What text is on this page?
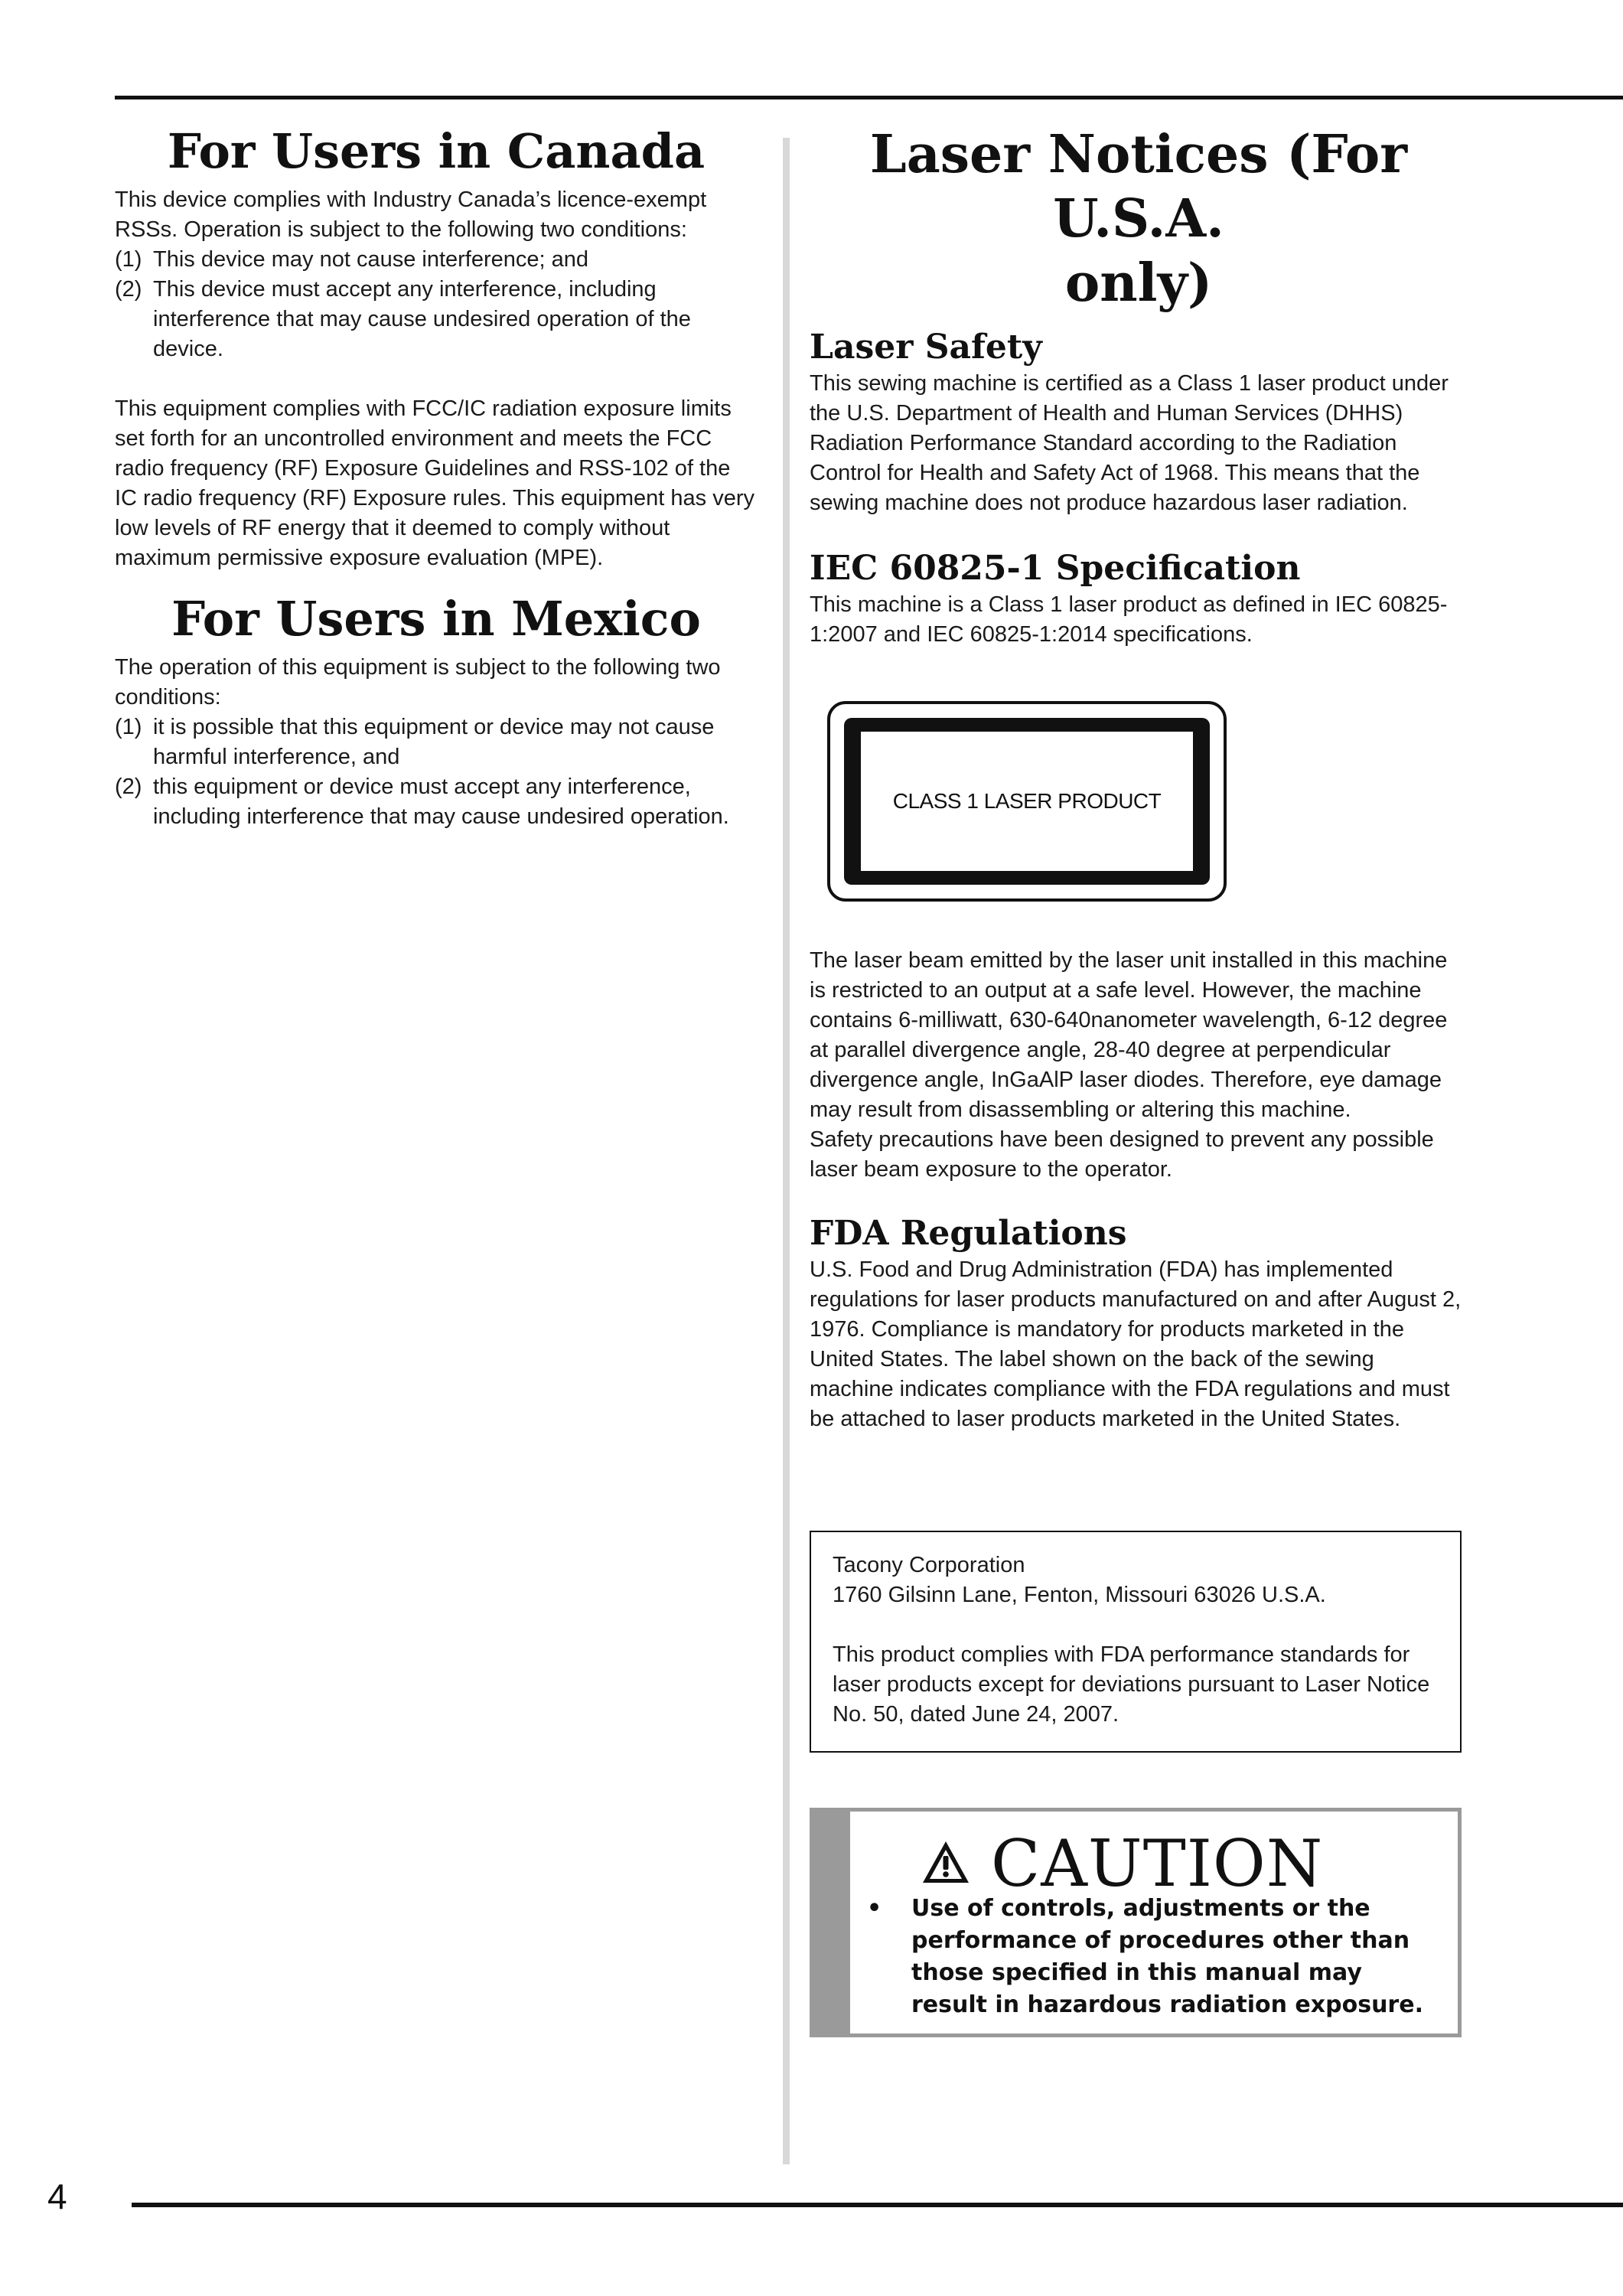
For Users in Canada

This device complies with Industry Canada’s licence-exempt RSSs. Operation is subject to the following two conditions:

(1) This device may not cause interference; and
(2) This device must accept any interference, including interference that may cause undesired operation of the device.

This equipment complies with FCC/IC radiation exposure limits set forth for an uncontrolled environment and meets the FCC radio frequency (RF) Exposure Guidelines and RSS-102 of the IC radio frequency (RF) Exposure rules. This equipment has very low levels of RF energy that it deemed to comply without maximum permissive exposure evaluation (MPE).

For Users in Mexico

The operation of this equipment is subject to the following two conditions:

(1) it is possible that this equipment or device may not cause harmful interference, and
(2) this equipment or device must accept any interference, including interference that may cause undesired operation.
Laser Notices (For U.S.A.
only)
Laser Safety

This sewing machine is certified as a Class 1 laser product under the U.S. Department of Health and Human Services (DHHS) Radiation Performance Standard according to the Radiation Control for Health and Safety Act of 1968. This means that the sewing machine does not produce hazardous laser radiation.

IEC 60825-1 Specification

This machine is a Class 1 laser product as defined in IEC 60825-1:2007 and IEC 60825-1:2014 specifications.

CLASS 1 LASER PRODUCT

The laser beam emitted by the laser unit installed in this machine is restricted to an output at a safe level. However, the machine contains 6-milliwatt, 630-640nanometer wavelength, 6-12 degree at parallel divergence angle, 28-40 degree at perpendicular divergence angle, InGaAlP laser diodes. Therefore, eye damage may result from disassembling or altering this machine.

Safety precautions have been designed to prevent any possible laser beam exposure to the operator.

FDA Regulations

U.S. Food and Drug Administration (FDA) has implemented regulations for laser products manufactured on and after August 2, 1976. Compliance is mandatory for products marketed in the United States. The label shown on the back of the sewing machine indicates compliance with the FDA regulations and must be attached to laser products marketed in the United States.

Tacony Corporation

1760 Gilsinn Lane, Fenton, Missouri 63026 U.S.A.

This product complies with FDA performance standards for laser products except for deviations pursuant to Laser Notice No. 50, dated June 24, 2007.

CAUTION
• Use of controls, adjustments or the performance of procedures other than those specified in this manual may result in hazardous radiation exposure.
4
